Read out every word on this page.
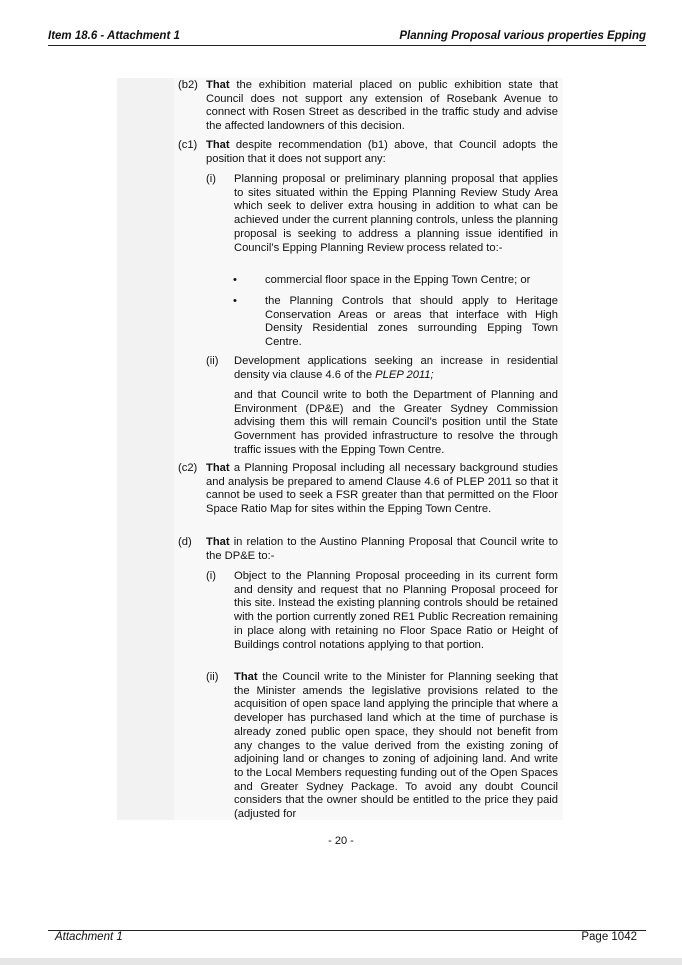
Item 18.6 - Attachment 1	Planning Proposal various properties Epping
(b2) That the exhibition material placed on public exhibition state that Council does not support any extension of Rosebank Avenue to connect with Rosen Street as described in the traffic study and advise the affected landowners of this decision.
(c1) That despite recommendation (b1) above, that Council adopts the position that it does not support any:
(i) Planning proposal or preliminary planning proposal that applies to sites situated within the Epping Planning Review Study Area which seek to deliver extra housing in addition to what can be achieved under the current planning controls, unless the planning proposal is seeking to address a planning issue identified in Council’s Epping Planning Review process related to:-
•	commercial floor space in the Epping Town Centre; or
•	the Planning Controls that should apply to Heritage Conservation Areas or areas that interface with High Density Residential zones surrounding Epping Town Centre.
(ii) Development applications seeking an increase in residential density via clause 4.6 of the PLEP 2011;
and that Council write to both the Department of Planning and Environment (DP&E) and the Greater Sydney Commission advising them this will remain Council’s position until the State Government has provided infrastructure to resolve the through traffic issues with the Epping Town Centre.
(c2) That a Planning Proposal including all necessary background studies and analysis be prepared to amend Clause 4.6 of PLEP 2011 so that it cannot be used to seek a FSR greater than that permitted on the Floor Space Ratio Map for sites within the Epping Town Centre.
(d) That in relation to the Austino Planning Proposal that Council write to the DP&E to:-
(i) Object to the Planning Proposal proceeding in its current form and density and request that no Planning Proposal proceed for this site. Instead the existing planning controls should be retained with the portion currently zoned RE1 Public Recreation remaining in place along with retaining no Floor Space Ratio or Height of Buildings control notations applying to that portion.
(ii) That the Council write to the Minister for Planning seeking that the Minister amends the legislative provisions related to the acquisition of open space land applying the principle that where a developer has purchased land which at the time of purchase is already zoned public open space, they should not benefit from any changes to the value derived from the existing zoning of adjoining land or changes to zoning of adjoining land. And write to the Local Members requesting funding out of the Open Spaces and Greater Sydney Package. To avoid any doubt Council considers that the owner should be entitled to the price they paid (adjusted for
- 20 -
Attachment 1	Page 1042
